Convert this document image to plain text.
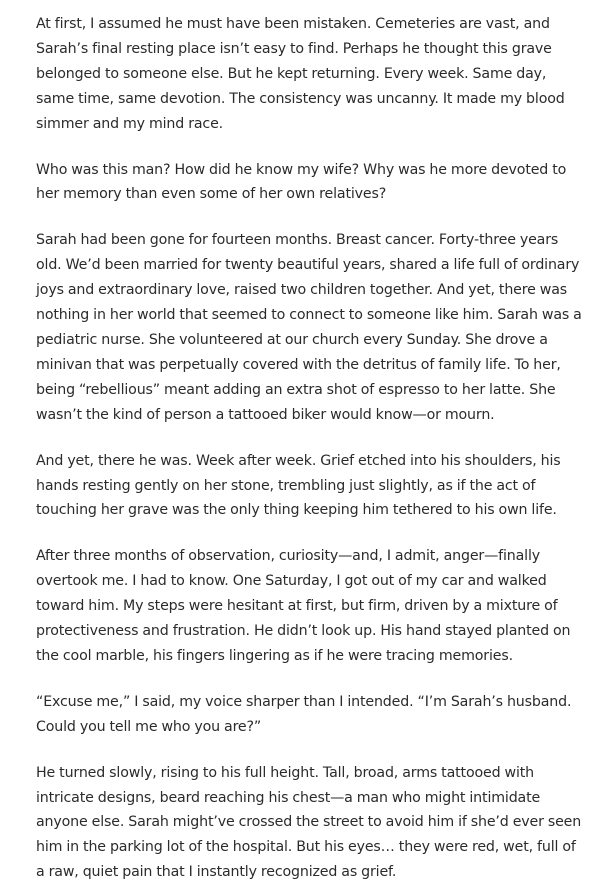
At first, I assumed he must have been mistaken. Cemeteries are vast, and Sarah’s final resting place isn’t easy to find. Perhaps he thought this grave belonged to someone else. But he kept returning. Every week. Same day, same time, same devotion. The consistency was uncanny. It made my blood simmer and my mind race.

Who was this man? How did he know my wife? Why was he more devoted to her memory than even some of her own relatives?

Sarah had been gone for fourteen months. Breast cancer. Forty-three years old. We’d been married for twenty beautiful years, shared a life full of ordinary joys and extraordinary love, raised two children together. And yet, there was nothing in her world that seemed to connect to someone like him. Sarah was a pediatric nurse. She volunteered at our church every Sunday. She drove a minivan that was perpetually covered with the detritus of family life. To her, being “rebellious” meant adding an extra shot of espresso to her latte. She wasn’t the kind of person a tattooed biker would know—or mourn.

And yet, there he was. Week after week. Grief etched into his shoulders, his hands resting gently on her stone, trembling just slightly, as if the act of touching her grave was the only thing keeping him tethered to his own life.

After three months of observation, curiosity—and, I admit, anger—finally overtook me. I had to know. One Saturday, I got out of my car and walked toward him. My steps were hesitant at first, but firm, driven by a mixture of protectiveness and frustration. He didn’t look up. His hand stayed planted on the cool marble, his fingers lingering as if he were tracing memories.

“Excuse me,” I said, my voice sharper than I intended. “I’m Sarah’s husband. Could you tell me who you are?”

He turned slowly, rising to his full height. Tall, broad, arms tattooed with intricate designs, beard reaching his chest—a man who might intimidate anyone else. Sarah might’ve crossed the street to avoid him if she’d ever seen him in the parking lot of the hospital. But his eyes… they were red, wet, full of a raw, quiet pain that I instantly recognized as grief.
